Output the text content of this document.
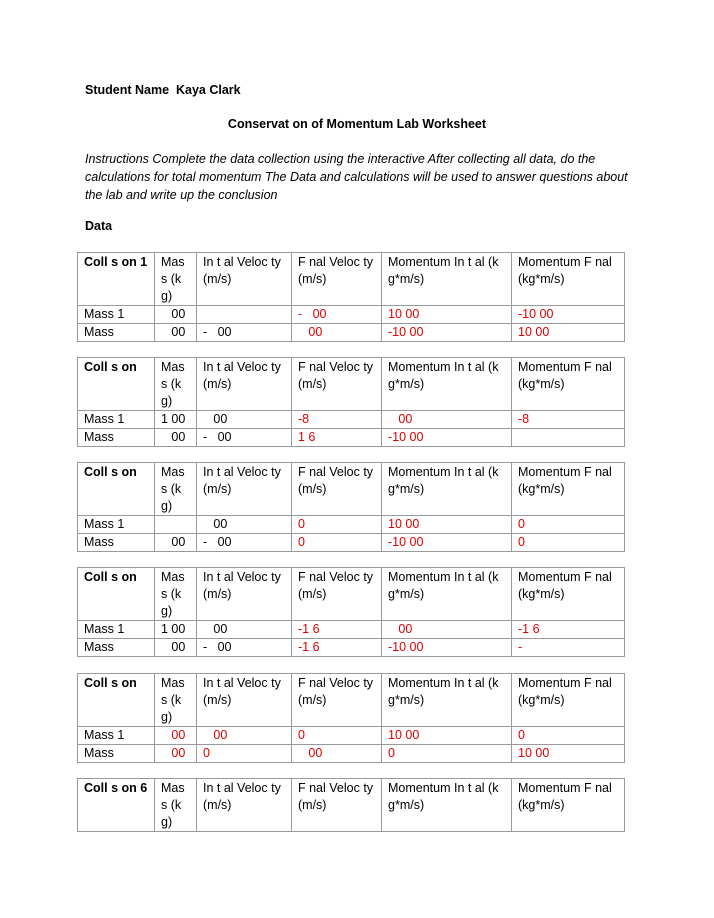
Student Name  Kaya Clark
Conservat on of Momentum Lab Worksheet
Instructions Complete the data collection using the interactive After collecting all data, do the calculations for total momentum The Data and calculations will be used to answer questions about the lab and write up the conclusion
Data
Coll s on 1	Mass (kg)	In t al Veloc ty (m/s)	F nal Veloc ty (m/s)	Momentum In t al (kg*m/s)	Momentum F nal (kg*m/s)
Mass 1	00		-   00	10 00	-10 00
Mass	00	-   00	00	-10 00	10 00
Coll s on	Mass (kg)	In t al Veloc ty (m/s)	F nal Veloc ty (m/s)	Momentum In t al (kg*m/s)	Momentum F nal (kg*m/s)
Mass 1	1 00	00	-8	00	-8
Mass	00	-   00	1 6	-10 00	
Coll s on	Mass (kg)	In t al Veloc ty (m/s)	F nal Veloc ty (m/s)	Momentum In t al (kg*m/s)	Momentum F nal (kg*m/s)
Mass 1		00	0	10 00	0
Mass	00	-   00	0	-10 00	0
Coll s on	Mass (kg)	In t al Veloc ty (m/s)	F nal Veloc ty (m/s)	Momentum In t al (kg*m/s)	Momentum F nal (kg*m/s)
Mass 1	1 00	00	-1 6	00	-1 6
Mass	00	-   00	-1 6	-10 00	-
Coll s on	Mass (kg)	In t al Veloc ty (m/s)	F nal Veloc ty (m/s)	Momentum In t al (kg*m/s)	Momentum F nal (kg*m/s)
Mass 1	00	00	0	10 00	0
Mass	00	0	00	0	10 00
Coll s on 6	Mass (kg)	In t al Veloc ty (m/s)	F nal Veloc ty (m/s)	Momentum In t al (kg*m/s)	Momentum F nal (kg*m/s)
